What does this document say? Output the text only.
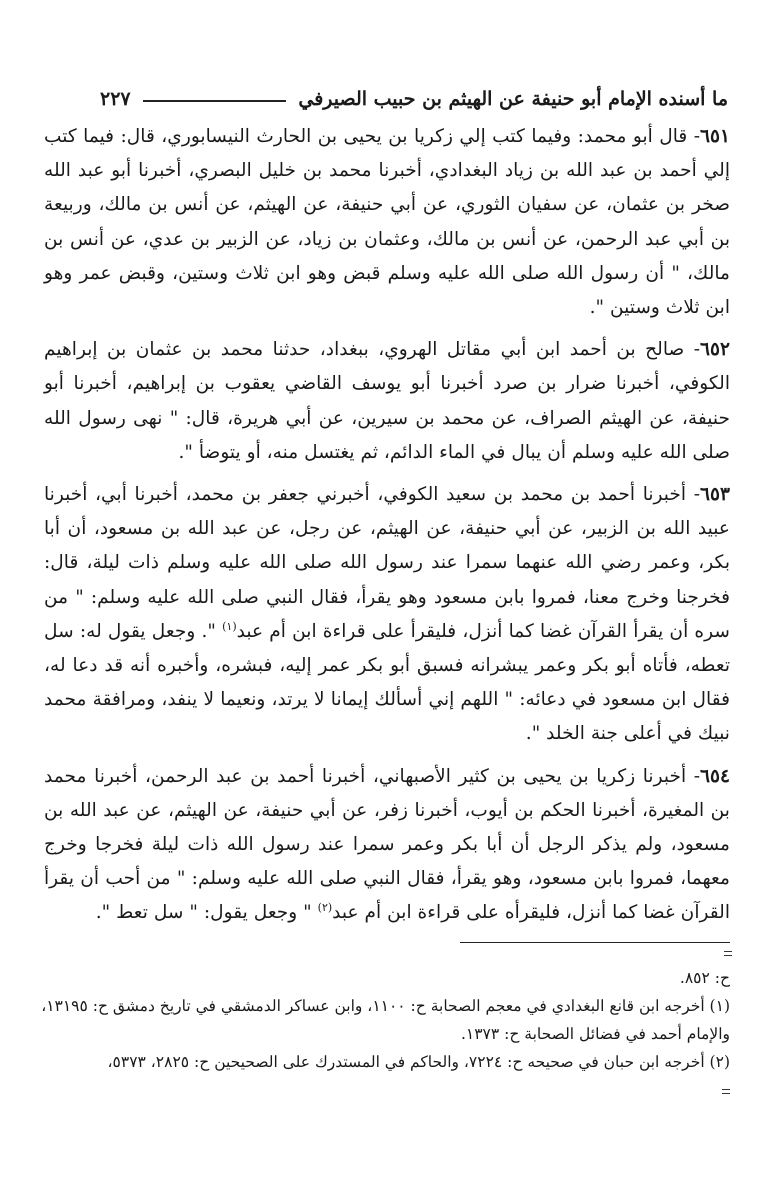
ما أسنده الإمام أبو حنيفة عن الهيثم بن حبيب الصيرفي
٢٢٧

٦٥١- قال أبو محمد: وفيما كتب إلي زكريا بن يحيى بن الحارث النيسابوري، قال: فيما كتب إلي أحمد بن عبد الله بن زياد البغدادي، أخبرنا محمد بن خليل البصري، أخبرنا أبو عبد الله صخر بن عثمان، عن سفيان الثوري، عن أبي حنيفة، عن الهيثم، عن أنس بن مالك، وربيعة بن أبي عبد الرحمن، عن أنس بن مالك، وعثمان بن زياد، عن الزبير بن عدي، عن أنس بن مالك، " أن رسول الله صلى الله عليه وسلم قبض وهو ابن ثلاث وستين، وقبض عمر وهو ابن ثلاث وستين ".

٦٥٢- صالح بن أحمد ابن أبي مقاتل الهروي، ببغداد، حدثنا محمد بن عثمان بن إبراهيم الكوفي، أخبرنا ضرار بن صرد أخبرنا أبو يوسف القاضي يعقوب بن إبراهيم، أخبرنا أبو حنيفة، عن الهيثم الصراف، عن محمد بن سيرين، عن أبي هريرة، قال: " نهى رسول الله صلى الله عليه وسلم أن يبال في الماء الدائم، ثم يغتسل منه، أو يتوضأ ".

٦٥٣- أخبرنا أحمد بن محمد بن سعيد الكوفي، أخبرني جعفر بن محمد، أخبرنا أبي، أخبرنا عبيد الله بن الزبير، عن أبي حنيفة، عن الهيثم، عن رجل، عن عبد الله بن مسعود، أن أبا بكر، وعمر رضي الله عنهما سمرا عند رسول الله صلى الله عليه وسلم ذات ليلة، قال: فخرجنا وخرج معنا، فمروا بابن مسعود وهو يقرأ، فقال النبي صلى الله عليه وسلم: " من سره أن يقرأ القرآن غضا كما أنزل، فليقرأ على قراءة ابن أم عبد$^{(١)}$ ". وجعل يقول له: سل تعطه، فأتاه أبو بكر وعمر يبشرانه فسبق أبو بكر عمر إليه، فبشره، وأخبره أنه قد دعا له، فقال ابن مسعود في دعائه: " اللهم إني أسألك إيمانا لا يرتد، ونعيما لا ينفد، ومرافقة محمد نبيك في أعلى جنة الخلد ".

٦٥٤- أخبرنا زكريا بن يحيى بن كثير الأصبهاني، أخبرنا أحمد بن عبد الرحمن، أخبرنا محمد بن المغيرة، أخبرنا الحكم بن أيوب، أخبرنا زفر، عن أبي حنيفة، عن الهيثم، عن عبد الله بن مسعود، ولم يذكر الرجل أن أبا بكر وعمر سمرا عند رسول الله ذات ليلة فخرجا وخرج معهما، فمروا بابن مسعود، وهو يقرأ، فقال النبي صلى الله عليه وسلم: " من أحب أن يقرأ القرآن غضا كما أنزل، فليقرأه على قراءة ابن أم عبد$^{(٢)}$ " وجعل يقول: " سل تعط ".

ح: ٨٥٢.

(١) أخرجه ابن قانع البغدادي في معجم الصحابة ح: ١١٠٠، وابن عساكر الدمشقي في تاريخ دمشق ح: ١٣١٩٥، والإمام أحمد في فضائل الصحابة ح: ١٣٧٣.

(٢) أخرجه ابن حبان في صحيحه ح: ٧٢٢٤، والحاكم في المستدرك على الصحيحين ح: ٢٨٢٥، ٥٣٧٣،
